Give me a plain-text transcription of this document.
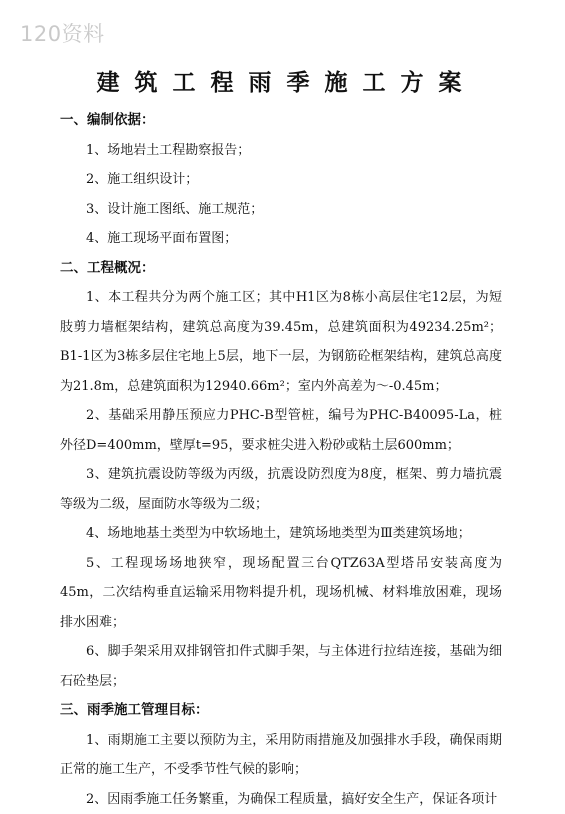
120资料
建筑工程雨季施工方案
一、编制依据：
1、场地岩土工程勘察报告；
2、施工组织设计；
3、设计施工图纸、施工规范；
4、施工现场平面布置图；
二、工程概况：
1、本工程共分为两个施工区；其中H1区为8栋小高层住宅12层，为短肢剪力墙框架结构，建筑总高度为39.45m，总建筑面积为49234.25m²； B1-1区为3栋多层住宅地上5层，地下一层，为钢筋砼框架结构，建筑总高度为21.8m，总建筑面积为12940.66m²；室内外高差为～-0.45m；
2、基础采用静压预应力PHC-B型管桩，编号为PHC-B40095-La，桩外径D=400mm，壁厚t=95，要求桩尖进入粉砂或粘土层600mm；
3、建筑抗震设防等级为丙级，抗震设防烈度为8度，框架、剪力墙抗震等级为二级，屋面防水等级为二级；
4、场地地基土类型为中软场地土，建筑场地类型为Ⅲ类建筑场地；
5、工程现场场地狭窄，现场配置三台QTZ63A型塔吊安装高度为45m，二次结构垂直运输采用物料提升机，现场机械、材料堆放困难，现场排水困难；
6、脚手架采用双排钢管扣件式脚手架，与主体进行拉结连接，基础为细石砼垫层；
三、雨季施工管理目标：
1、雨期施工主要以预防为主，采用防雨措施及加强排水手段，确保雨期正常的施工生产，不受季节性气候的影响；
2、因雨季施工任务繁重，为确保工程质量，搞好安全生产，保证各项计
